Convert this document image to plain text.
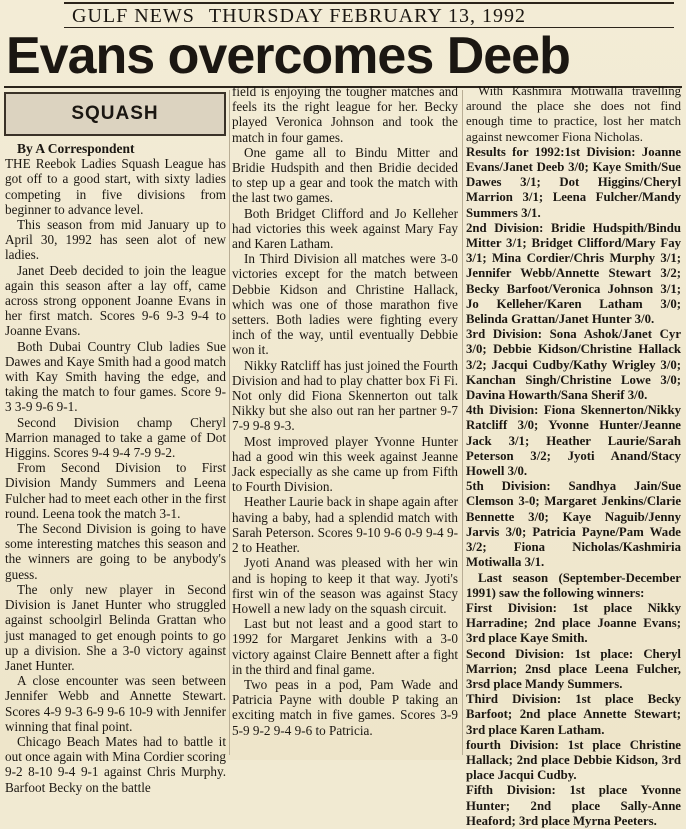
GULF NEWS THURSDAY FEBRUARY 13, 1992
Evans overcomes Deeb
SQUASH

By A Correspondent

THE Reebok Ladies Squash League has got off to a good start, with sixty ladies competing in five divisions from beginner to advance level.

This season from mid January up to April 30, 1992 has seen alot of new ladies.

Janet Deeb decided to join the league again this season after a lay off, came across strong opponent Joanne Evans in her first match. Scores 9-6 9-3 9-4 to Joanne Evans.

Both Dubai Country Club ladies Sue Dawes and Kaye Smith had a good match with Kay Smith having the edge, and taking the match to four games. Score 9-3 3-9 9-6 9-1.

Second Division champ Cheryl Marrion managed to take a game of Dot Higgins. Scores 9-4 9-4 7-9 9-2.

From Second Division to First Division Mandy Summers and Leena Fulcher had to meet each other in the first round. Leena took the match 3-1.

The Second Division is going to have some interesting matches this season and the winners are going to be anybody's guess.

The only new player in Second Division is Janet Hunter who struggled against schoolgirl Belinda Grattan who just managed to get enough points to go up a division. She a 3-0 victory against Janet Hunter.

A close encounter was seen between Jennifer Webb and Annette Stewart. Scores 4-9 9-3 6-9 9-6 10-9 with Jennifer winning that final point.

Chicago Beach Mates had to battle it out once again with Mina Cordier scoring 9-2 8-10 9-4 9-1 against Chris Murphy. Barfoot Becky on the battle

field is enjoying the tougher matches and feels its the right league for her. Becky played Veronica Johnson and took the match in four games.

One game all to Bindu Mitter and Bridie Hudspith and then Bridie decided to step up a gear and took the match with the last two games.

Both Bridget Clifford and Jo Kelleher had victories this week against Mary Fay and Karen Latham.

In Third Division all matches were 3-0 victories except for the match between Debbie Kidson and Christine Hallack, which was one of those marathon five setters. Both ladies were fighting every inch of the way, until eventually Debbie won it.

Nikky Ratcliff has just joined the Fourth Division and had to play chatter box Fi Fi. Not only did Fiona Skennerton out talk Nikky but she also out ran her partner 9-7 7-9 9-8 9-3.

Most improved player Yvonne Hunter had a good win this week against Jeanne Jack especially as she came up from Fifth to Fourth Division.

Heather Laurie back in shape again after having a baby, had a splendid match with Sarah Peterson. Scores 9-10 9-6 0-9 9-4 9-2 to Heather.

Jyoti Anand was pleased with her win and is hoping to keep it that way. Jyoti's first win of the season was against Stacy Howell a new lady on the squash circuit.

Last but not least and a good start to 1992 for Margaret Jenkins with a 3-0 victory against Claire Bennett after a fight in the third and final game.

Two peas in a pod, Pam Wade and Patricia Payne with double P taking an exciting match in five games. Scores 3-9 5-9 9-2 9-4 9-6 to Patricia.

With Kashmira Motiwalla travelling around the place she does not find enough time to practice, lost her match against newcomer Fiona Nicholas.

Results for 1992:1st Division: Joanne Evans/Janet Deeb 3/0; Kaye Smith/Sue Dawes 3/1; Dot Higgins/Cheryl Marrion 3/1; Leena Fulcher/Mandy Summers 3/1.

2nd Division: Bridie Hudspith/Bindu Mitter 3/1; Bridget Clifford/Mary Fay 3/1; Mina Cordier/Chris Murphy 3/1; Jennifer Webb/Annette Stewart 3/2; Becky Barfoot/Veronica Johnson 3/1; Jo Kelleher/Karen Latham 3/0; Belinda Grattan/Janet Hunter 3/0.

3rd Division: Sona Ashok/Janet Cyr 3/0; Debbie Kidson/Christine Hallack 3/2; Jacqui Cudby/Kathy Wrigley 3/0; Kanchan Singh/Christine Lowe 3/0; Davina Howarth/Sana Sherif 3/0.

4th Division: Fiona Skennerton/Nikky Ratcliff 3/0; Yvonne Hunter/Jeanne Jack 3/1; Heather Laurie/Sarah Peterson 3/2; Jyoti Anand/Stacy Howell 3/0.

5th Division: Sandhya Jain/Sue Clemson 3-0; Margaret Jenkins/Clarie Bennette 3/0; Kaye Naguib/Jenny Jarvis 3/0; Patricia Payne/Pam Wade 3/2; Fiona Nicholas/Kashmiria Motiwalla 3/1.

Last season (September-December 1991) saw the following winners:

First Division: 1st place Nikky Harradine; 2nd place Joanne Evans; 3rd place Kaye Smith.

Second Division: 1st place: Cheryl Marrion; 2nsd place Leena Fulcher, 3rsd place Mandy Summers.

Third Division: 1st place Becky Barfoot; 2nd place Annette Stewart; 3rd place Karen Latham.

fourth Division: 1st place Christine Hallack; 2nd place Debbie Kidson, 3rd place Jacqui Cudby.

Fifth Division: 1st place Yvonne Hunter; 2nd place Sally-Anne Heaford; 3rd place Myrna Peeters.
